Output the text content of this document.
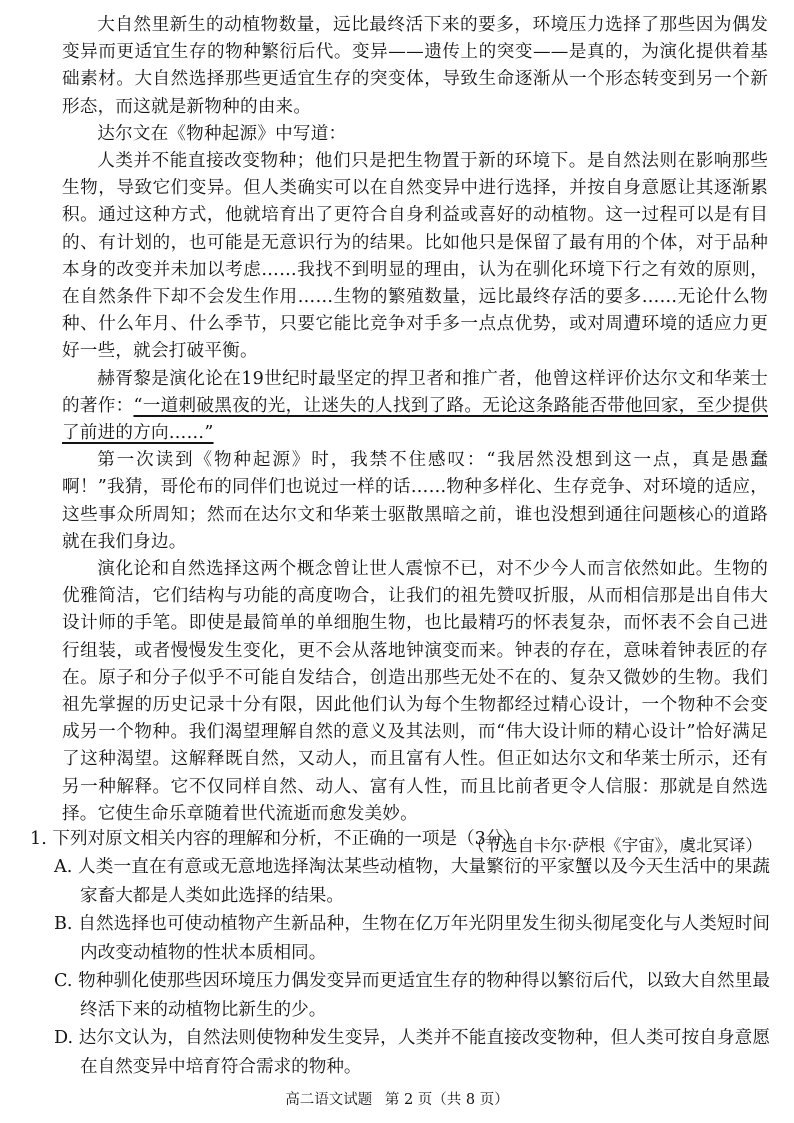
大自然里新生的动植物数量，远比最终活下来的要多，环境压力选择了那些因为偶发变异而更适宜生存的物种繁衍后代。变异——遗传上的突变——是真的，为演化提供着基础素材。大自然选择那些更适宜生存的突变体，导致生命逐渐从一个形态转变到另一个新形态，而这就是新物种的由来。

达尔文在《物种起源》中写道：

人类并不能直接改变物种；他们只是把生物置于新的环境下。是自然法则在影响那些生物，导致它们变异。但人类确实可以在自然变异中进行选择，并按自身意愿让其逐渐累积。通过这种方式，他就培育出了更符合自身利益或喜好的动植物。这一过程可以是有目的、有计划的，也可能是无意识行为的结果。比如他只是保留了最有用的个体，对于品种本身的改变并未加以考虑……我找不到明显的理由，认为在驯化环境下行之有效的原则，在自然条件下却不会发生作用……生物的繁殖数量，远比最终存活的要多……无论什么物种、什么年月、什么季节，只要它能比竞争对手多一点点优势，或对周遭环境的适应力更好一些，就会打破平衡。

赫胥黎是演化论在19世纪时最坚定的捍卫者和推广者，他曾这样评价达尔文和华莱士的著作：“一道刺破黑夜的光，让迷失的人找到了路。无论这条路能否带他回家，至少提供了前进的方向……”

第一次读到《物种起源》时，我禁不住感叹：“我居然没想到这一点，真是愚蠢啊！”我猜，哥伦布的同伴们也说过一样的话……物种多样化、生存竞争、对环境的适应，这些事众所周知；然而在达尔文和华莱士驱散黑暗之前，谁也没想到通往问题核心的道路就在我们身边。

演化论和自然选择这两个概念曾让世人震惊不已，对不少今人而言依然如此。生物的优雅简洁，它们结构与功能的高度吻合，让我们的祖先赞叹折服，从而相信那是出自伟大设计师的手笔。即使是最简单的单细胞生物，也比最精巧的怀表复杂，而怀表不会自己进行组装，或者慢慢发生变化，更不会从落地钟演变而来。钟表的存在，意味着钟表匠的存在。原子和分子似乎不可能自发结合，创造出那些无处不在的、复杂又微妙的生物。我们祖先掌握的历史记录十分有限，因此他们认为每个生物都经过精心设计，一个物种不会变成另一个物种。我们渴望理解自然的意义及其法则，而“伟大设计师的精心设计”恰好满足了这种渴望。这解释既自然，又动人，而且富有人性。但正如达尔文和华莱士所示，还有另一种解释。它不仅同样自然、动人、富有人性，而且比前者更令人信服：那就是自然选择。它使生命乐章随着世代流逝而愈发美妙。

（节选自卡尔·萨根《宇宙》，虞北冥译）

1. 下列对原文相关内容的理解和分析，不正确的一项是（3分）

A. 人类一直在有意或无意地选择淘汰某些动植物，大量繁衍的平家蟹以及今天生活中的果蔬家畜大都是人类如此选择的结果。

B. 自然选择也可使动植物产生新品种，生物在亿万年光阴里发生彻头彻尾变化与人类短时间内改变动植物的性状本质相同。

C. 物种驯化使那些因环境压力偶发变异而更适宜生存的物种得以繁衍后代，以致大自然里最终活下来的动植物比新生的少。

D. 达尔文认为，自然法则使物种发生变异，人类并不能直接改变物种，但人类可按自身意愿在自然变异中培育符合需求的物种。

高二语文试题 第 2 页（共 8 页）
